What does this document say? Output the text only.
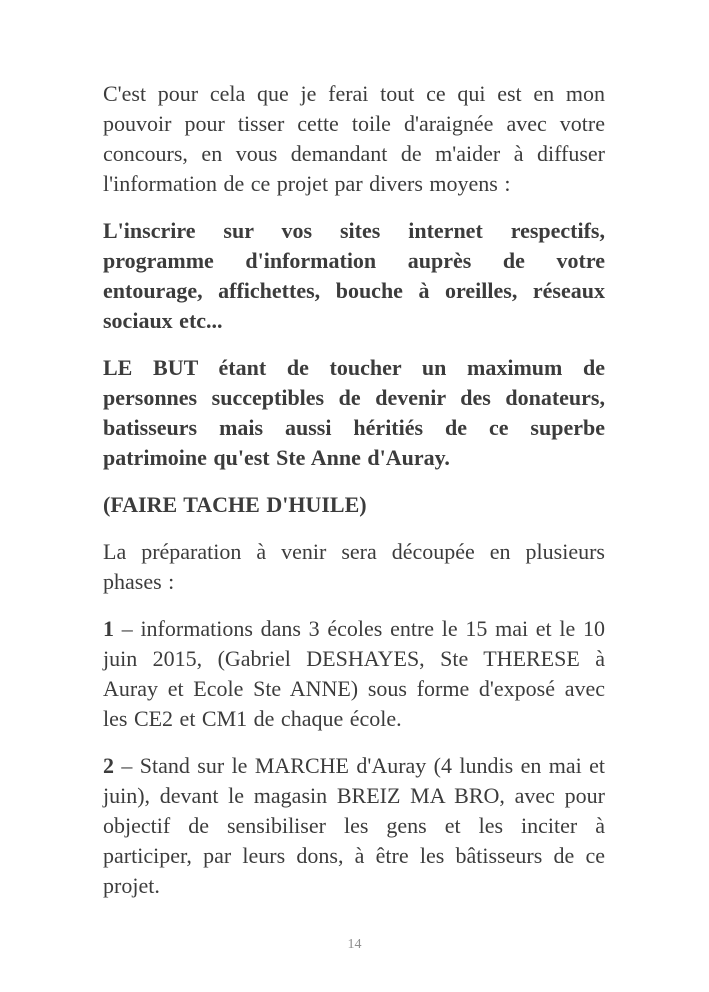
C'est pour cela que je ferai tout ce qui est en mon pouvoir pour tisser cette toile d'araignée avec votre concours, en vous demandant de m'aider à diffuser l'information de ce projet par divers moyens :

L'inscrire sur vos sites internet respectifs, programme d'information auprès de votre entourage, affichettes, bouche à oreilles, réseaux sociaux etc...

LE BUT étant de toucher un maximum de personnes succeptibles de devenir des donateurs, batisseurs mais aussi héritiés de ce superbe patrimoine qu'est Ste Anne d'Auray.

(FAIRE TACHE D'HUILE)

La préparation à venir sera découpée en plusieurs phases :

1 – informations dans 3 écoles entre le 15 mai et le 10 juin 2015, (Gabriel DESHAYES, Ste THERESE à Auray et Ecole Ste ANNE) sous forme d'exposé avec les CE2 et CM1 de chaque école.

2 – Stand sur le MARCHE d'Auray (4 lundis en mai et juin), devant le magasin BREIZ MA BRO, avec pour objectif de sensibiliser les gens et les inciter à participer, par leurs dons, à être les bâtisseurs de ce projet.

14
